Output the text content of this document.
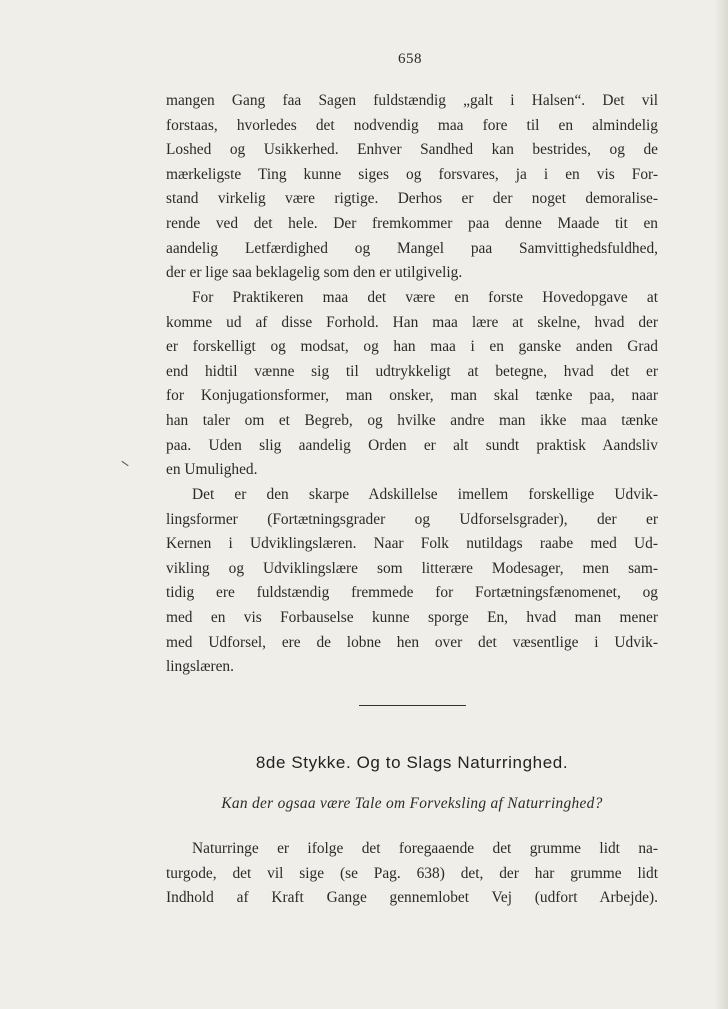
658
mangen Gang faa Sagen fuldstændig „galt i Halsen“. Det vil
forstaas, hvorledes det nodvendig maa fore til en almindelig
Loshed og Usikkerhed. Enhver Sandhed kan bestrides, og de
mærkeligste Ting kunne siges og forsvares, ja i en vis For-
stand virkelig være rigtige. Derhos er der noget demoralise-
rende ved det hele. Der fremkommer paa denne Maade tit en
aandelig Letfærdighed og Mangel paa Samvittighedsfuldhed,
der er lige saa beklagelig som den er utilgivelig.
For Praktikeren maa det være en forste Hovedopgave at
komme ud af disse Forhold. Han maa lære at skelne, hvad der
er forskelligt og modsat, og han maa i en ganske anden Grad
end hidtil vænne sig til udtrykkeligt at betegne, hvad det er
for Konjugationsformer, man onsker, man skal tænke paa, naar
han taler om et Begreb, og hvilke andre man ikke maa tænke
paa. Uden slig aandelig Orden er alt sundt praktisk Aandsliv
en Umulighed.
Det er den skarpe Adskillelse imellem forskellige Udvik-
lingsformer (Fortætningsgrader og Udforselsgrader), der er
Kernen i Udviklingslæren. Naar Folk nutildags raabe med Ud-
vikling og Udviklingslære som litterære Modesager, men sam-
tidig ere fuldstændig fremmede for Fortætningsfænomenet, og
med en vis Forbauselse kunne sporge En, hvad man mener
med Udforsel, ere de lobne hen over det væsentlige i Udvik-
lingslæren.
8de Stykke. Og to Slags Naturringhed.
Kan der ogsaa være Tale om Forveksling af Naturringhed?
Naturringe er ifolge det foregaaende det grumme lidt na-
turgode, det vil sige (se Pag. 638) det, der har grumme lidt
Indhold af Kraft Gange gennemlobet Vej (udfort Arbejde).
